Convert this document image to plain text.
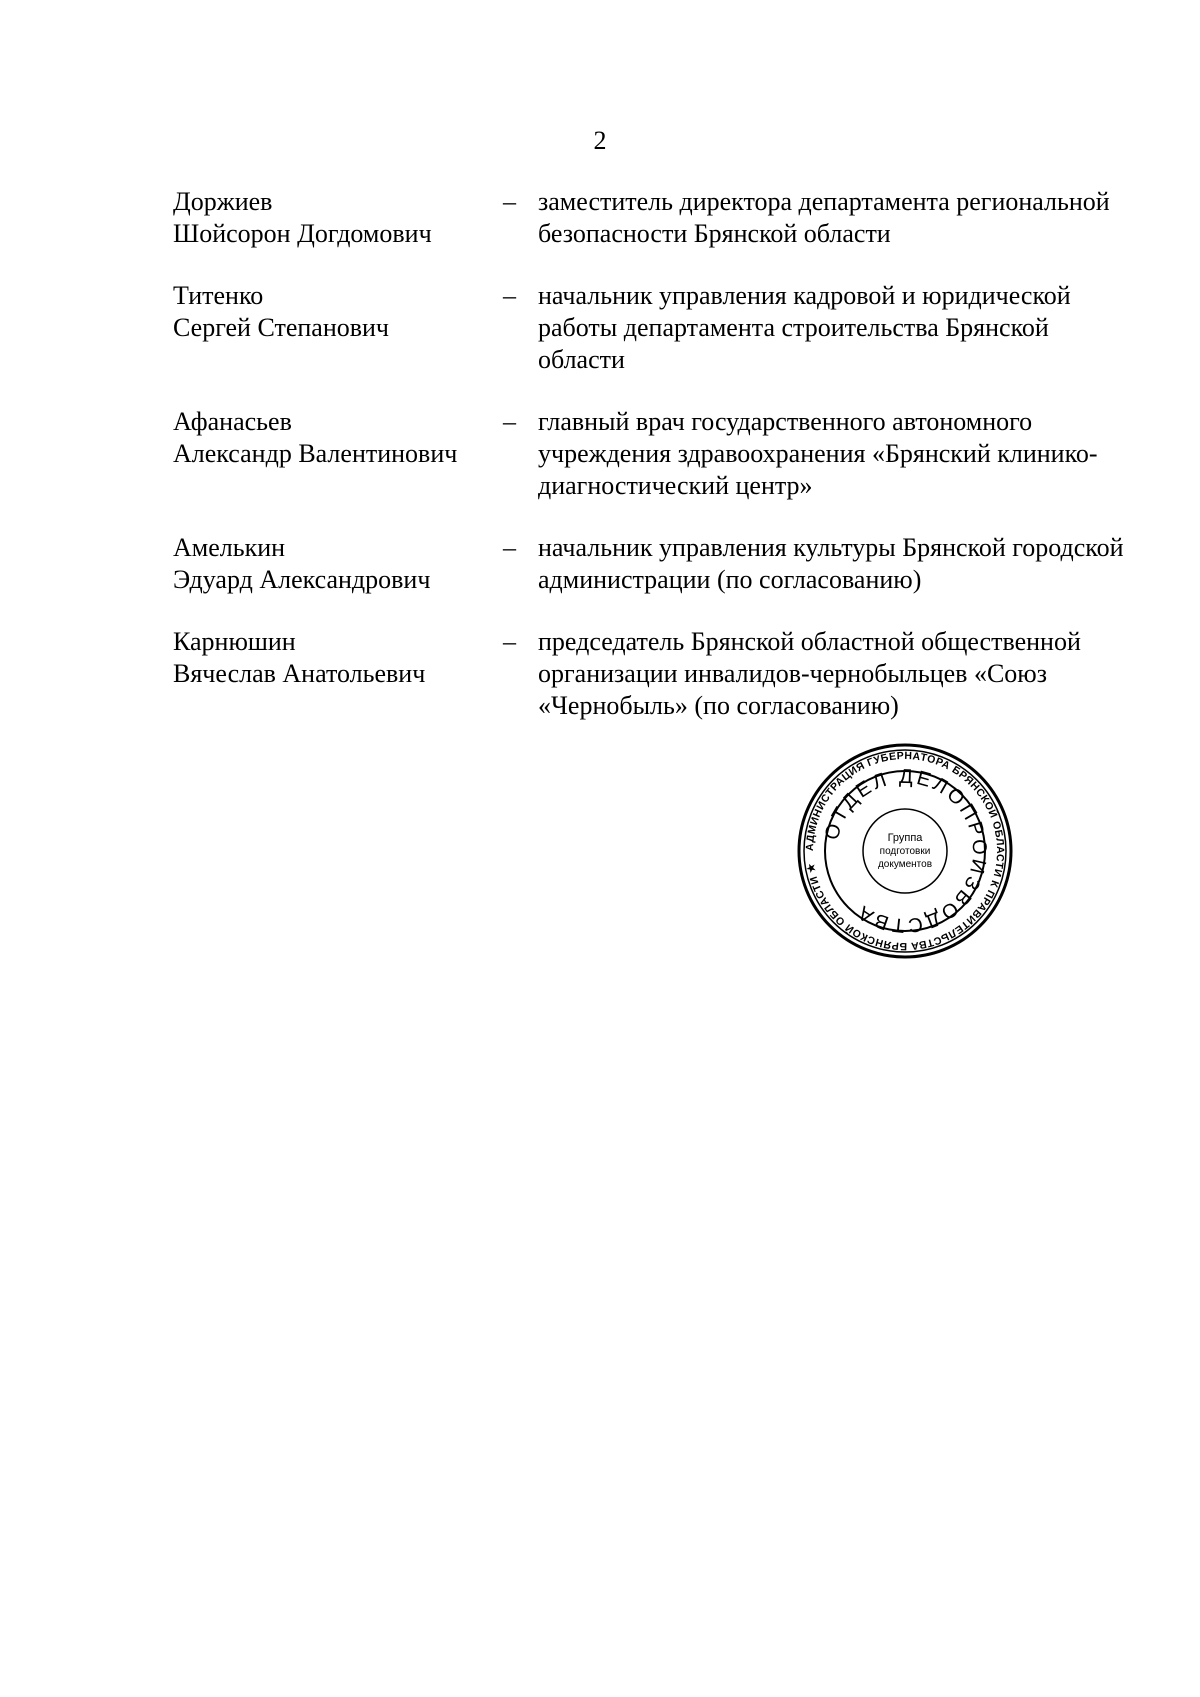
2
Доржиев
Шойсорон Догдомович
– заместитель директора департамента региональной безопасности Брянской области
Титенко
Сергей Степанович
– начальник управления кадровой и юридической работы департамента строительства Брянской области
Афанасьев
Александр Валентинович
– главный врач государственного автономного учреждения здравоохранения «Брянский клинико-диагностический центр»
Амелькин
Эдуард Александрович
– начальник управления культуры Брянской городской администрации (по согласованию)
Карнюшин
Вячеслав Анатольевич
– председатель Брянской областной общественной организации инвалидов-чернобыльцев «Союз «Чернобыль» (по согласованию)
АДМИНИСТРАЦИЯ ГУБЕРНАТОРА БРЯНСКОЙ ОБЛАСТИ К ПРАВИТЕЛЬСТВА БРЯНСКОЙ ОБЛАСТИ ★
ОТДЕЛ ДЕЛОПРОИЗВОДСТВА
Группа
подготовки
документов
